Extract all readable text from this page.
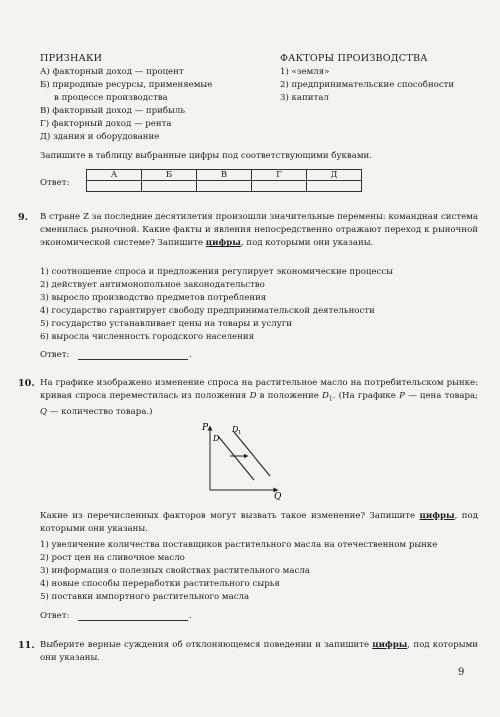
ПРИЗНАКИ
А) факторный доход — процент
Б) природные ресурсы, применяемые
в процессе производства
В) факторный доход — прибыль
Г) факторный доход — рента
Д) здания и оборудование
ФАКТОРЫ ПРОИЗВОДСТВА
1) «земля»
2) предпринимательские способности
3) капитал
Запишите в таблицу выбранные цифры под соответствующими буквами.
Ответ:
А	Б	В	Г	Д

9. В стране Z за последние десятилетия произошли значительные перемены: командная система сменилась рыночной. Какие факты и явления непосредственно отражают переход к рыночной экономической системе? Запишите цифры, под которыми они указаны.
1) соотношение спроса и предложения регулирует экономические процессы
2) действует антимонопольное законодательство
3) выросло производство предметов потребления
4) государство гарантирует свободу предпринимательской деятельности
5) государство устанавливает цены на товары и услуги
6) выросла численность городского населения
Ответ:	.
10. На графике изображено изменение спроса на растительное масло на потребительском рынке: кривая спроса переместилась из положения D в положение $D_1$. (На графике P — цена товара; Q — количество товара.)
P
Q
D
D 1
Какие из перечисленных факторов могут вызвать такое изменение? Запишите цифры, под которыми они указаны.
1) увеличение количества поставщиков растительного масла на отечественном рынке
2) рост цен на сливочное масло
3) информация о полезных свойствах растительного масла
4) новые способы переработки растительного сырья
5) поставки импортного растительного масла
Ответ:	.
11. Выберите верные суждения об отклоняющемся поведении и запишите цифры, под которыми они указаны.
9
